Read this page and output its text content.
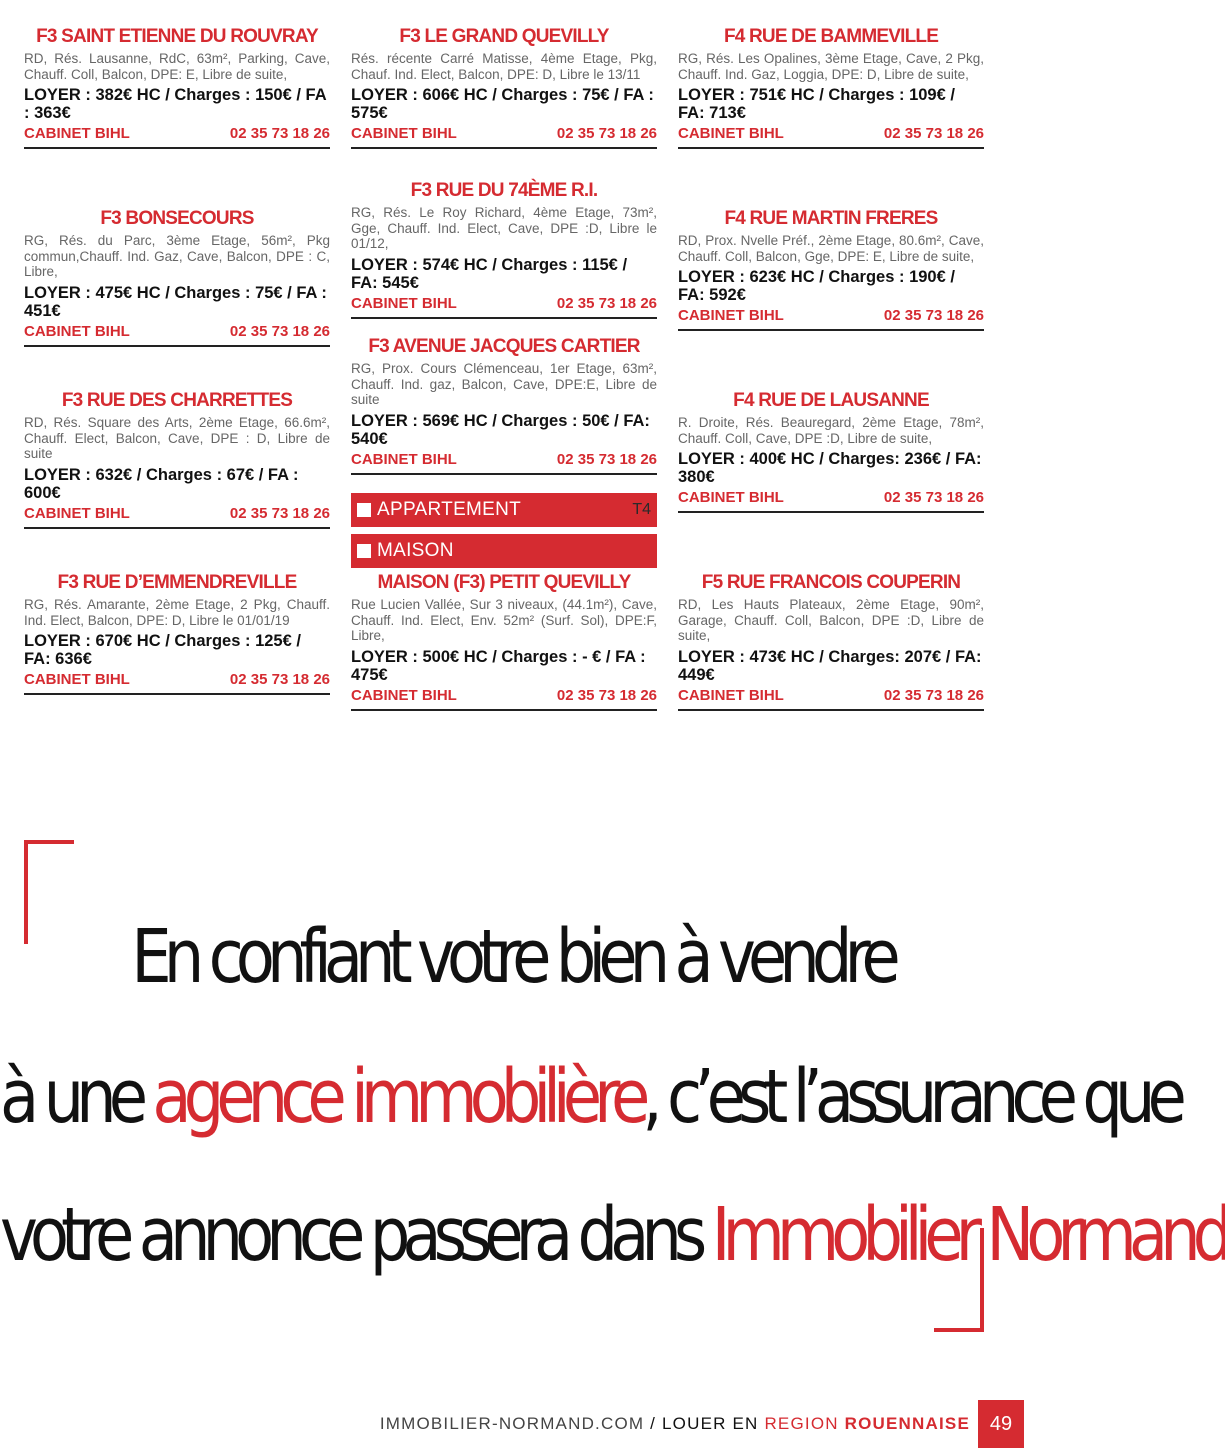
F3 SAINT ETIENNE DU ROUVRAY
RD, Rés. Lausanne, RdC, 63m², Parking, Cave, Chauff. Coll, Balcon, DPE: E, Libre de suite,
LOYER : 382€ HC / Charges : 150€ / FA : 363€
CABINET BIHL	02 35 73 18 26
F3 BONSECOURS
RG, Rés. du Parc, 3ème Etage, 56m², Pkg commun,Chauff. Ind. Gaz, Cave, Balcon, DPE : C, Libre,
LOYER : 475€ HC / Charges : 75€ / FA : 451€
CABINET BIHL	02 35 73 18 26
F3 RUE DES CHARRETTES
RD, Rés. Square des Arts, 2ème Etage, 66.6m², Chauff. Elect, Balcon, Cave, DPE : D, Libre de suite
LOYER : 632€ / Charges : 67€ / FA : 600€
CABINET BIHL	02 35 73 18 26
F3 RUE D’EMMENDREVILLE
RG, Rés. Amarante, 2ème Etage, 2 Pkg, Chauff. Ind. Elect, Balcon, DPE: D, Libre le 01/01/19
LOYER : 670€ HC / Charges : 125€ / FA: 636€
CABINET BIHL	02 35 73 18 26
F3 LE GRAND QUEVILLY
Rés. récente Carré Matisse, 4ème Etage, Pkg, Chauf. Ind. Elect, Balcon, DPE: D, Libre le 13/11
LOYER : 606€ HC / Charges : 75€ / FA : 575€
CABINET BIHL	02 35 73 18 26
F3 RUE DU 74ÈME R.I.
RG, Rés. Le Roy Richard, 4ème Etage, 73m², Gge, Chauff. Ind. Elect, Cave, DPE :D, Libre le 01/12,
LOYER : 574€ HC / Charges : 115€ / FA: 545€
CABINET BIHL	02 35 73 18 26
F3 AVENUE JACQUES CARTIER
RG, Prox. Cours Clémenceau, 1er Etage, 63m², Chauff. Ind. gaz, Balcon, Cave, DPE:E, Libre de suite
LOYER : 569€ HC / Charges : 50€ / FA: 540€
CABINET BIHL	02 35 73 18 26
APPARTEMENT	T4
MAISON
MAISON (F3) PETIT QUEVILLY
Rue Lucien Vallée, Sur 3 niveaux, (44.1m²), Cave, Chauff. Ind. Elect, Env. 52m² (Surf. Sol), DPE:F, Libre,
LOYER : 500€ HC / Charges : - € / FA : 475€
CABINET BIHL	02 35 73 18 26
F4 RUE DE BAMMEVILLE
RG, Rés. Les Opalines, 3ème Etage, Cave, 2 Pkg, Chauff. Ind. Gaz, Loggia, DPE: D, Libre de suite,
LOYER : 751€ HC / Charges : 109€ / FA: 713€
CABINET BIHL	02 35 73 18 26
F4 RUE MARTIN FRERES
RD, Prox. Nvelle Préf., 2ème Etage, 80.6m², Cave, Chauff. Coll, Balcon, Gge, DPE: E, Libre de suite,
LOYER : 623€ HC / Charges : 190€ / FA: 592€
CABINET BIHL	02 35 73 18 26
F4 RUE DE LAUSANNE
R. Droite, Rés. Beauregard, 2ème Etage, 78m², Chauff. Coll, Cave, DPE :D, Libre de suite,
LOYER : 400€ HC / Charges: 236€ / FA: 380€
CABINET BIHL	02 35 73 18 26
F5 RUE FRANCOIS COUPERIN
RD, Les Hauts Plateaux, 2ème Etage, 90m², Garage, Chauff. Coll, Balcon, DPE :D, Libre de suite,
LOYER : 473€ HC / Charges: 207€ / FA: 449€
CABINET BIHL	02 35 73 18 26
En confiant votre bien à vendre
à une agence immobilière, c’est l’assurance que
votre annonce passera dans Immobilier Normand
IMMOBILIER-NORMAND.COM / LOUER EN REGION ROUENNAISE 49
